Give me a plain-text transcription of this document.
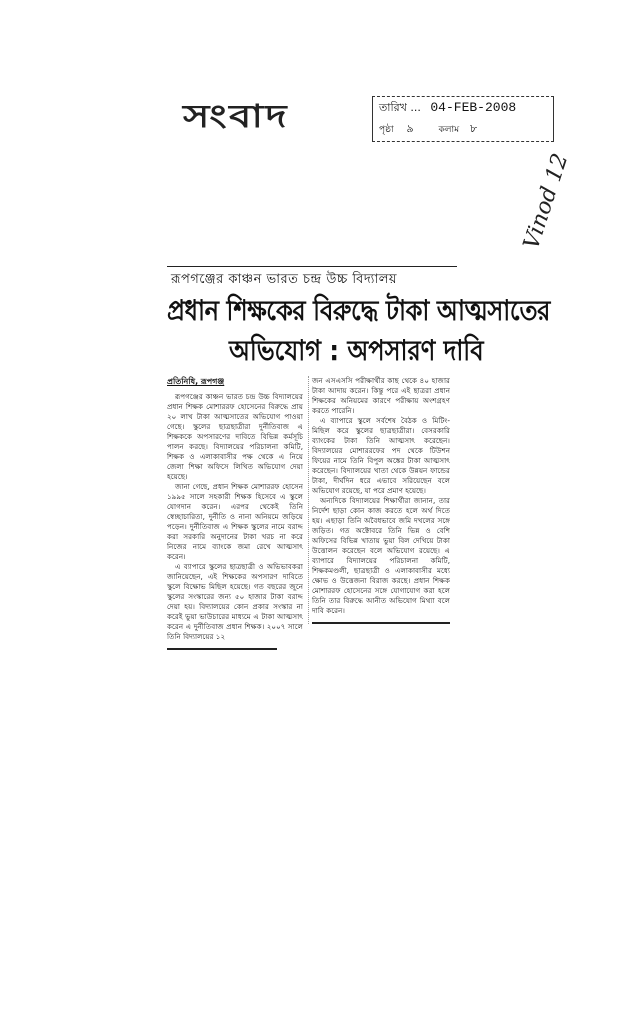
সংবাদ	তারিখ ... 04-FEB-2008
পৃষ্ঠা ৯	কলাম ৮
Vinod 12
রূপগঞ্জের কাঞ্চন ভারত চন্দ্র উচ্চ বিদ্যালয়
প্রধান শিক্ষকের বিরুদ্ধে টাকা আত্মসাতের
অভিযোগ : অপসারণ দাবি
প্রতিনিধি, রূপগঞ্জ

রূপগঞ্জের কাঞ্চন ভারত চন্দ্র উচ্চ বিদ্যালয়ের প্রধান শিক্ষক মোশাররফ হোসেনের বিরুদ্ধে প্রায় ২০ লাখ টাকা আত্মসাতের অভিযোগ পাওয়া গেছে। স্কুলের ছাত্রছাত্রীরা দুর্নীতিবাজ এ শিক্ষককে অপসারণের দাবিতে বিভিন্ন কর্মসূচি পালন করছে। বিদ্যালয়ের পরিচালনা কমিটি, শিক্ষক ও এলাকাবাসীর পক্ষ থেকে এ নিয়ে জেলা শিক্ষা অফিসে লিখিত অভিযোগ দেয়া হয়েছে।

জানা গেছে, প্রধান শিক্ষক মোশাররফ হোসেন ১৯৯৫ সালে সহকারী শিক্ষক হিসেবে এ স্কুলে যোগদান করেন। এরপর থেকেই তিনি স্বেচ্ছাচারিতা, দুর্নীতি ও নানা অনিয়মে জড়িয়ে পড়েন। দুর্নীতিবাজ এ শিক্ষক স্কুলের নামে বরাদ্দ করা সরকারি অনুদানের টাকা খরচ না করে নিজের নামে ব্যাংকে জমা রেখে আত্মসাৎ করেন।

এ ব্যাপারে স্কুলের ছাত্রছাত্রী ও অভিভাবকরা জানিয়েছেন, এই শিক্ষকের অপসারণ দাবিতে স্কুলে বিক্ষোভ মিছিল হয়েছে। গত বছরের জুনে স্কুলের সংস্কারের জন্য ৫০ হাজার টাকা বরাদ্দ দেয়া হয়। বিদ্যালয়ের কোন প্রকার সংস্কার না করেই ভুয়া ভাউচারের মাধ্যমে এ টাকা আত্মসাৎ করেন এ দুর্নীতিবাজ প্রধান শিক্ষক। ২০০৭ সালে তিনি বিদ্যালয়ের ১২

জন এসএসসি পরীক্ষার্থীর কাছ থেকে ৪০ হাজার টাকা আদায় করেন। কিন্তু পরে এই ছাত্ররা প্রধান শিক্ষকের অনিয়মের কারণে পরীক্ষায় অংশগ্রহণ করতে পারেনি।

এ ব্যাপারে স্কুলে সর্বশেষ বৈঠক ও মিটিং-মিছিল করে স্কুলের ছাত্রছাত্রীরা। বেসরকারি ব্যাংকের টাকা তিনি আত্মসাৎ করেছেন। বিদ্যালয়ের মোশাররফের পদ থেকে টিউশন ফিয়ের নামে তিনি বিপুল অঙ্কের টাকা আত্মসাৎ করেছেন। বিদ্যালয়ের খাতা থেকে উন্নয়ন ফান্ডের টাকা, দীর্ঘদিন ধরে এভাবে সরিয়েছেন বলে অভিযোগ রয়েছে, যা পরে প্রমাণ হয়েছে।

অন্যদিকে বিদ্যালয়ের শিক্ষার্থীরা জানান, তার নির্দেশ ছাড়া কোন কাজ করতে হলে অর্থ দিতে হয়। এছাড়া তিনি অবৈধভাবে জমি দখলের সঙ্গে জড়িত। গত অক্টোবরে তিনি ভিন্ন ও বেশি অফিসের বিভিন্ন খাতায় ভুয়া বিল দেখিয়ে টাকা উত্তোলন করেছেন বলে অভিযোগ রয়েছে। এ ব্যাপারে বিদ্যালয়ের পরিচালনা কমিটি, শিক্ষকমণ্ডলী, ছাত্রছাত্রী ও এলাকাবাসীর মধ্যে ক্ষোভ ও উত্তেজনা বিরাজ করছে। প্রধান শিক্ষক মোশাররফ হোসেনের সঙ্গে যোগাযোগ করা হলে তিনি তার বিরুদ্ধে আনীত অভিযোগ মিথ্যা বলে দাবি করেন।
